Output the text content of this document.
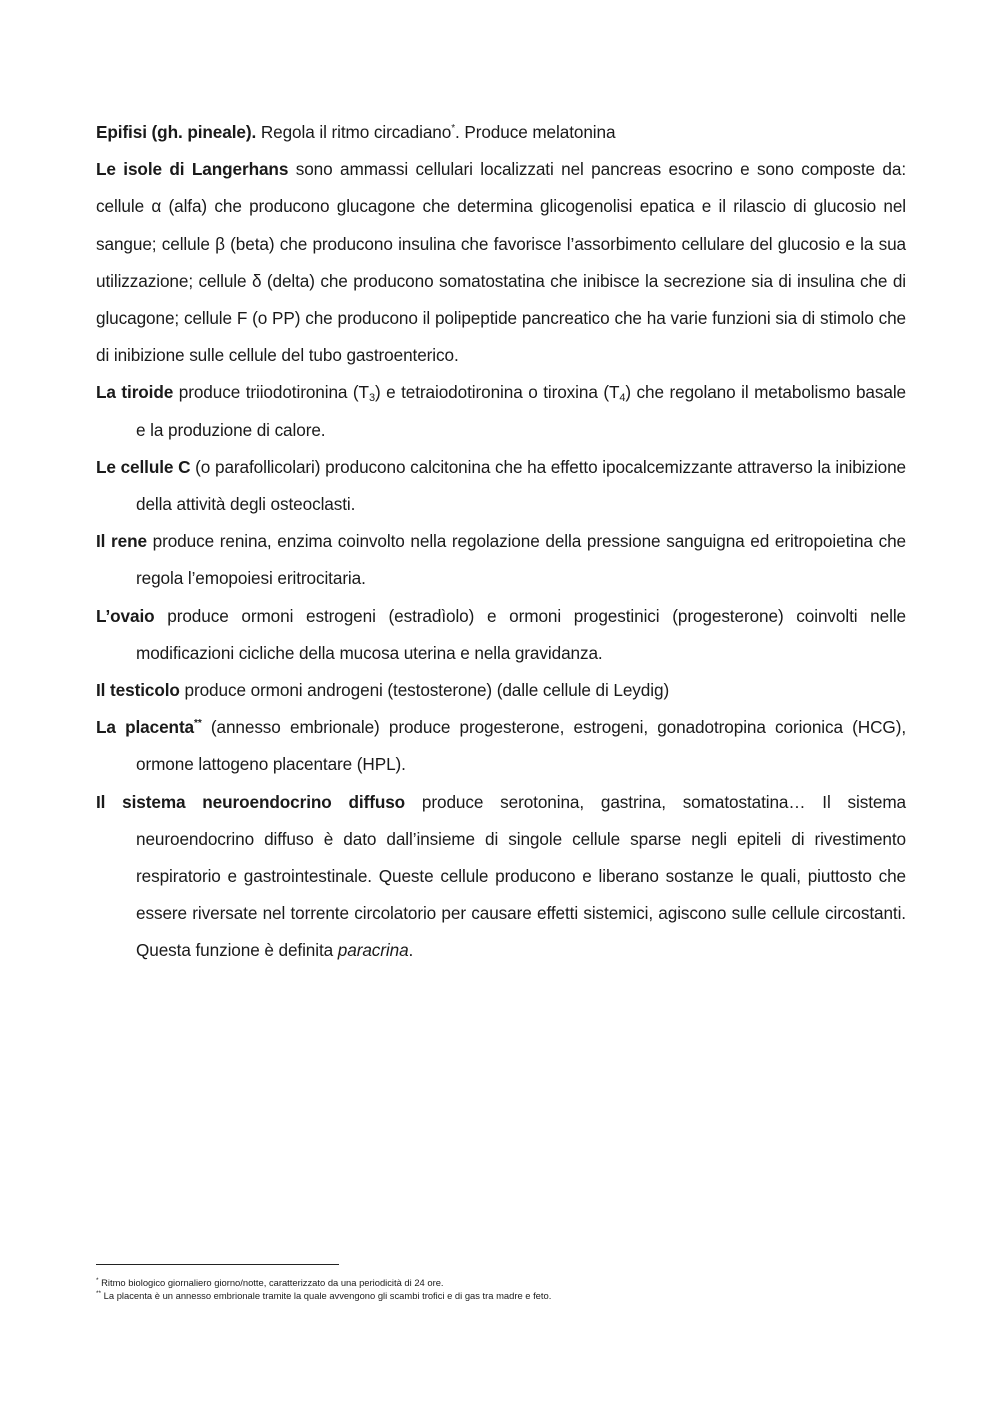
Epifisi (gh. pineale). Regola il ritmo circadiano*. Produce melatonina

Le isole di Langerhans sono ammassi cellulari localizzati nel pancreas esocrino e sono composte da: cellule α (alfa) che producono glucagone che determina glicogenolisi epatica e il rilascio di glucosio nel sangue; cellule β (beta) che producono insulina che favorisce l’assorbimento cellulare del glucosio e la sua utilizzazione; cellule δ (delta) che producono somatostatina che inibisce la secrezione sia di insulina che di glucagone; cellule F (o PP) che producono il polipeptide pancreatico che ha varie funzioni sia di stimolo che di inibizione sulle cellule del tubo gastroenterico.

La tiroide produce triiodotironina $(T_3)$ e tetraiodotironina o tiroxina $(T_4)$ che regolano il metabolismo basale e la produzione di calore.

Le cellule C (o parafollicolari) producono calcitonina che ha effetto ipocalcemizzante attraverso la inibizione della attività degli osteoclasti.

Il rene produce renina, enzima coinvolto nella regolazione della pressione sanguigna ed eritropoietina che regola l’emopoiesi eritrocitaria.

L’ovaio produce ormoni estrogeni (estradìolo) e ormoni progestinici (progesterone) coinvolti nelle modificazioni cicliche della mucosa uterina e nella gravidanza.

Il testicolo produce ormoni androgeni (testosterone) (dalle cellule di Leydig)

La placenta** (annesso embrionale) produce progesterone, estrogeni, gonadotropina corionica (HCG), ormone lattogeno placentare (HPL).

Il sistema neuroendocrino diffuso produce serotonina, gastrina, somatostatina… Il sistema neuroendocrino diffuso è dato dall’insieme di singole cellule sparse negli epiteli di rivestimento respiratorio e gastrointestinale. Queste cellule producono e liberano sostanze le quali, piuttosto che essere riversate nel torrente circolatorio per causare effetti sistemici, agiscono sulle cellule circostanti. Questa funzione è definita paracrina.

* Ritmo biologico giornaliero giorno/notte, caratterizzato da una periodicità di 24 ore.

** La placenta è un annesso embrionale tramite la quale avvengono gli scambi trofici e di gas tra madre e feto.
